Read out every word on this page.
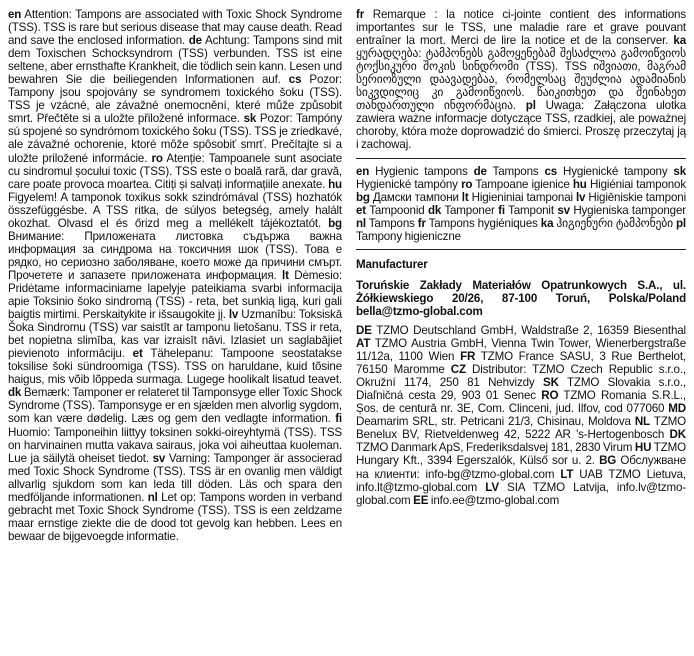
en Attention: Tampons are associated with Toxic Shock Syndrome (TSS). TSS is rare but serious disease that may cause death. Read and save the enclosed information. de Achtung: Tampons sind mit dem Toxischen Schocksyndrom (TSS) verbunden. TSS ist eine seltene, aber ernsthafte Krankheit, die tödlich sein kann. Lesen und bewahren Sie die beiliegenden Informationen auf. cs Pozor: Tampony jsou spojovány se syndromem toxického šoku (TSS). TSS je vzácné, ale závažné onemocnění, které může způsobit smrt. Přečtěte si a uložte přiložené informace. sk Pozor: Tampóny sú spojené so syndrómom toxického šoku (TSS). TSS je zriedkavé, ale závažné ochorenie, ktoré môže spôsobiť smrť. Prečítajte si a uložte priložené informácie. ro Atenție: Tampoanele sunt asociate cu sindromul șocului toxic (TSS). TSS este o boală rară, dar gravă, care poate provoca moartea. Citiți și salvați informațiile anexate. hu Figyelem! A tamponok toxikus sokk szindrómával (TSS) hozhatók összefüggésbe. A TSS ritka, de súlyos betegség, amely halált okozhat. Olvasd el és őrizd meg a mellékelt tájékoztatót. bg Внимание: Приложената листовка съдържа важна информация за синдрома на токсичния шок (TSS). Това е рядко, но сериозно заболяване, което може да причини смърт. Прочетете и запазете приложената информация. lt Dėmesio: Pridėtame informaciniame lapelyje pateikiama svarbi informacija apie Toksinio šoko sindromą (TSS) - reta, bet sunkią ligą, kuri gali baigtis mirtimi. Perskaitykite ir išsaugokite jį. lv Uzmanību: Toksiskā Šoka Sindromu (TSS) var saistīt ar tamponu lietošanu. TSS ir reta, bet nopietna slimība, kas var izraisīt nāvi. Izlasiet un saglabājiet pievienoto informāciju. et Tähelepanu: Tampoone seostatakse toksilise šoki sündroomiga (TSS). TSS on haruldane, kuid tõsine haigus, mis võib lõppeda surmaga. Lugege hoolikalt lisatud teavet. dk Bemærk: Tamponer er relateret til Tamponsyge eller Toxic Shock Syndrome (TSS). Tamponsyge er en sjælden men alvorlig sygdom, som kan være dødelig. Læs og gem den vedlagte information. fi Huomio: Tamponeihin liittyy toksinen sokki-oireyhtymä (TSS). TSS on harvinainen mutta vakava sairaus, joka voi aiheuttaa kuoleman. Lue ja säilytä oheiset tiedot. sv Varning: Tamponger är associerad med Toxic Shock Syndrome (TSS). TSS är en ovanlig men väldigt allvarlig sjukdom som kan leda till döden. Läs och spara den medföljande informationen. nl Let op: Tampons worden in verband gebracht met Toxic Shock Syndrome (TSS). TSS is een zeldzame maar ernstige ziekte die de dood tot gevolg kan hebben. Lees en bewaar de bijgevoegde informatie.
fr Remarque : la notice ci-jointe contient des informations importantes sur le TSS, une maladie rare et grave pouvant entraîner la mort. Merci de lire la notice et de la conserver. ka ყურადღება: ტამპონებს გამოყენებამ შესაძლოა გამოიწვიოს ტოქსიკური შოკის სინდრომი (TSS). TSS იშვიათი, მაგრამ სერიოზული დაავადებაა, რომელსაც შეუძლია ადამიანის სიკვდილიც კი გამოიწვიოს. წაიკითხეთ და შეინახეთ თანდართული ინფორმაცია. pl Uwaga: Załączona ulotka zawiera ważne informacje dotyczące TSS, rzadkiej, ale poważnej choroby, która może doprowadzić do śmierci. Proszę przeczytaj ją i zachowaj.
en Hygienic tampons de Tampons cs Hygienické tampony sk Hygienické tampóny ro Tampoane igienice hu Higiéniai tamponok bg Дамски тампони lt Higieniniai tamponai lv Higiēniskie tamponi et Tampoonid dk Tamponer fi Tamponit sv Hygieniska tamponger nl Tampons fr Tampons hygiéniques ka ჰიგიენური ტამპონები pl Tampony higieniczne
Manufacturer
Toruńskie Zakłady Materiałów Opatrunkowych S.A., ul. Żółkiewskiego 20/26, 87-100 Toruń, Polska/Poland bella@tzmo-global.com
DE TZMO Deutschland GmbH, Waldstraße 2, 16359 Biesenthal AT TZMO Austria GmbH, Vienna Twin Tower, Wienerbergstraße 11/12a, 1100 Wien FR TZMO France SASU, 3 Rue Berthelot, 76150 Maromme CZ Distributor: TZMO Czech Republic s.r.o., Okružní 1174, 250 81 Nehvizdy SK TZMO Slovakia s.r.o., Diaľničná cesta 29, 903 01 Senec RO TZMO Romania S.R.L., Șos. de centură nr. 3E, Com. Clinceni, jud. Ilfov, cod 077060 MD Deamarim SRL, str. Petricani 21/3, Chisinau, Moldova NL TZMO Benelux BV, Rietveldenweg 42, 5222 AR 's-Hertogenbosch DK TZMO Danmark ApS, Frederiksdalsvej 181, 2830 Virum HU TZMO Hungary Kft., 3394 Egerszalók, Külső sor u. 2. BG Обслужване на клиенти: info-bg@tzmo-global.com LT UAB TZMO Lietuva, info.lt@tzmo-global.com LV SIA TZMO Latvija, info.lv@tzmo-global.com EE info.ee@tzmo-global.com
